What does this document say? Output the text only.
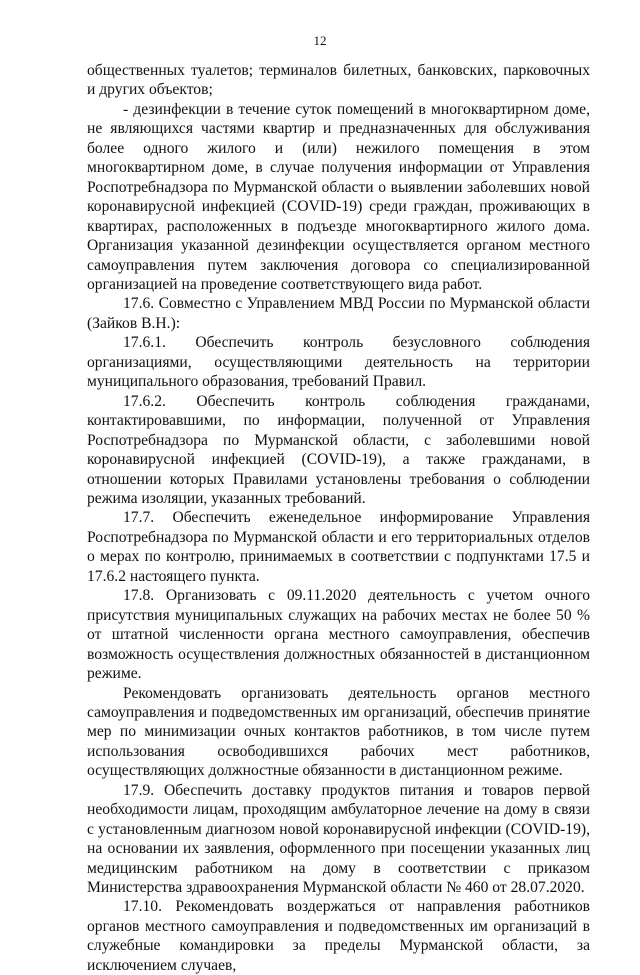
12

общественных туалетов; терминалов билетных, банковских, парковочных и других объектов;

- дезинфекции в течение суток помещений в многоквартирном доме, не являющихся частями квартир и предназначенных для обслуживания более одного жилого и (или) нежилого помещения в этом многоквартирном доме, в случае получения информации от Управления Роспотребнадзора по Мурманской области о выявлении заболевших новой коронавирусной инфекцией (COVID-19) среди граждан, проживающих в квартирах, расположенных в подъезде многоквартирного жилого дома. Организация указанной дезинфекции осуществляется органом местного самоуправления путем заключения договора со специализированной организацией на проведение соответствующего вида работ.

17.6. Совместно с Управлением МВД России по Мурманской области (Зайков В.Н.):

17.6.1. Обеспечить контроль безусловного соблюдения организациями, осуществляющими деятельность на территории муниципального образования, требований Правил.

17.6.2. Обеспечить контроль соблюдения гражданами, контактировавшими, по информации, полученной от Управления Роспотребнадзора по Мурманской области, с заболевшими новой коронавирусной инфекцией (COVID-19), а также гражданами, в отношении которых Правилами установлены требования о соблюдении режима изоляции, указанных требований.

17.7. Обеспечить еженедельное информирование Управления Роспотребнадзора по Мурманской области и его территориальных отделов о мерах по контролю, принимаемых в соответствии с подпунктами 17.5 и 17.6.2 настоящего пункта.

17.8. Организовать с 09.11.2020 деятельность с учетом очного присутствия муниципальных служащих на рабочих местах не более 50 % от штатной численности органа местного самоуправления, обеспечив возможность осуществления должностных обязанностей в дистанционном режиме.

Рекомендовать организовать деятельность органов местного самоуправления и подведомственных им организаций, обеспечив принятие мер по минимизации очных контактов работников, в том числе путем использования освободившихся рабочих мест работников, осуществляющих должностные обязанности в дистанционном режиме.

17.9. Обеспечить доставку продуктов питания и товаров первой необходимости лицам, проходящим амбулаторное лечение на дому в связи с установленным диагнозом новой коронавирусной инфекции (COVID-19), на основании их заявления, оформленного при посещении указанных лиц медицинским работником на дому в соответствии с приказом Министерства здравоохранения Мурманской области № 460 от 28.07.2020.

17.10. Рекомендовать воздержаться от направления работников органов местного самоуправления и подведомственных им организаций в служебные командировки за пределы Мурманской области, за исключением случаев,
